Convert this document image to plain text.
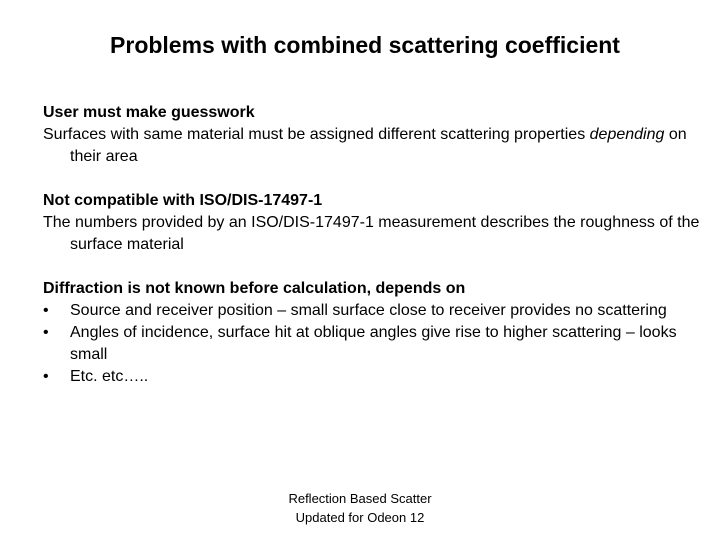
Problems with combined scattering coefficient
User must make guesswork
Surfaces with same material must be assigned different scattering properties depending on their area
Not compatible with ISO/DIS-17497-1
The numbers provided by an ISO/DIS-17497-1 measurement describes the roughness of the surface material
Diffraction is not known before calculation, depends on
• Source and receiver position – small surface close to receiver provides no scattering
• Angles of incidence, surface hit at oblique angles give rise to higher scattering – looks small
• Etc. etc…..
Reflection Based Scatter
Updated for Odeon 12
